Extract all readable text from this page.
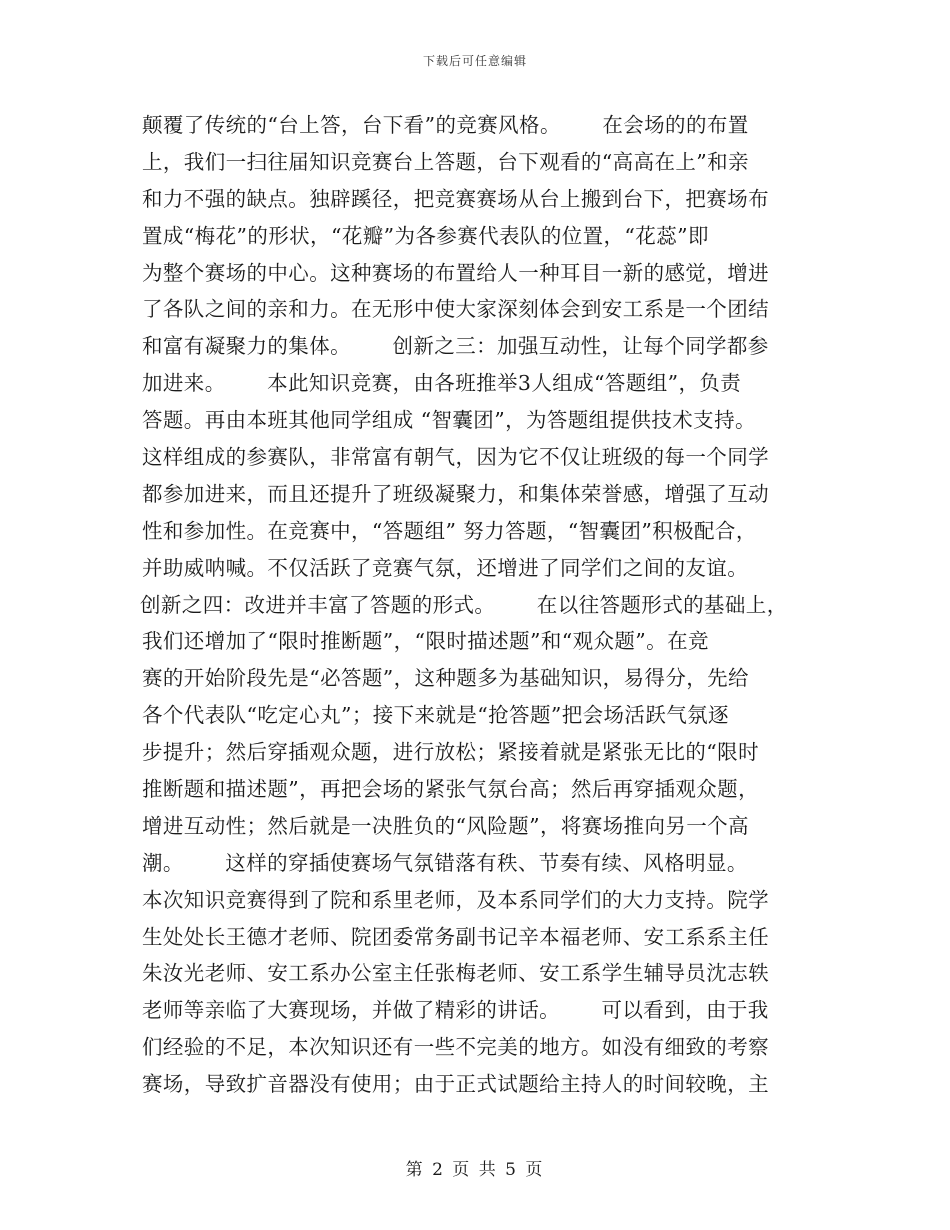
下载后可任意编辑
颠覆了传统的“台上答，台下看”的竞赛风格。      在会场的的布置
上，我们一扫往届知识竞赛台上答题，台下观看的“高高在上”和亲
和力不强的缺点。独辟蹊径，把竞赛赛场从台上搬到台下，把赛场布
置成“梅花”的形状，“花瓣”为各参赛代表队的位置，“花蕊”即
为整个赛场的中心。这种赛场的布置给人一种耳目一新的感觉，增进
了各队之间的亲和力。在无形中使大家深刻体会到安工系是一个团结
和富有凝聚力的集体。      创新之三：加强互动性，让每个同学都参
加进来。      本此知识竞赛，由各班推举3人组成“答题组”，负责
答题。再由本班其他同学组成 “智囊团”，为答题组提供技术支持。
这样组成的参赛队，非常富有朝气，因为它不仅让班级的每一个同学
都参加进来，而且还提升了班级凝聚力，和集体荣誉感，增强了互动
性和参加性。在竞赛中，“答题组” 努力答题，“智囊团”积极配合，
并助威呐喊。不仅活跃了竞赛气氛，还增进了同学们之间的友谊。
创新之四：改进并丰富了答题的形式。      在以往答题形式的基础上，
我们还增加了“限时推断题”，“限时描述题”和“观众题”。在竞
赛的开始阶段先是“必答题”，这种题多为基础知识，易得分，先给
各个代表队“吃定心丸”；接下来就是“抢答题”把会场活跃气氛逐
步提升；然后穿插观众题，进行放松；紧接着就是紧张无比的“限时
推断题和描述题”，再把会场的紧张气氛台高；然后再穿插观众题，
增进互动性；然后就是一决胜负的“风险题”，将赛场推向另一个高
潮。      这样的穿插使赛场气氛错落有秩、节奏有续、风格明显。
本次知识竞赛得到了院和系里老师，及本系同学们的大力支持。院学
生处处长王德才老师、院团委常务副书记辛本福老师、安工系系主任
朱汝光老师、安工系办公室主任张梅老师、安工系学生辅导员沈志轶
老师等亲临了大赛现场，并做了精彩的讲话。      可以看到，由于我
们经验的不足，本次知识还有一些不完美的地方。如没有细致的考察
赛场，导致扩音器没有使用；由于正式试题给主持人的时间较晚，主
第 2 页 共 5 页
